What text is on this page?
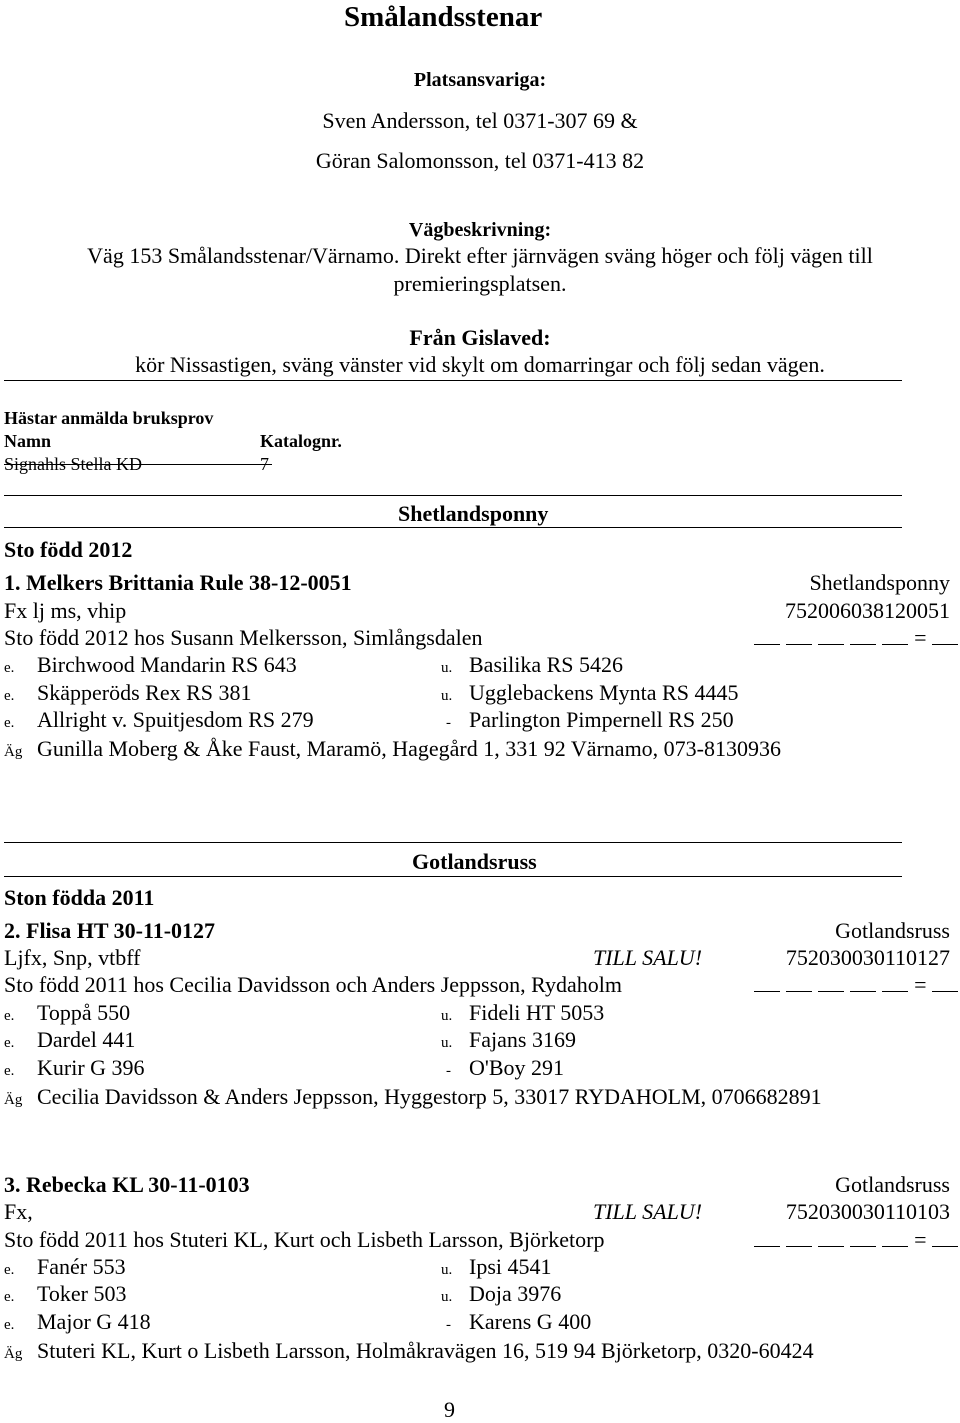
Smålandsstenar
Platsansvariga:
Sven Andersson, tel 0371-307 69 &
Göran Salomonsson, tel 0371-413 82
Vägbeskrivning:
Väg 153 Smålandsstenar/Värnamo. Direkt efter järnvägen sväng höger och följ vägen till
premieringsplatsen.
Från Gislaved:
kör Nissastigen, sväng vänster vid skylt om domarringar och följ sedan vägen.
Hästar anmälda bruksprov
Namn	Katalognr.
Signahls Stella KD	7
Shetlandsponny
Sto född 2012
1. Melkers Brittania Rule 38-12-0051	Shetlandsponny
Fx lj ms, vhip	752006038120051
Sto född 2012 hos Susann Melkersson, Simlångsdalen	=
e. Birchwood Mandarin RS 643	u. Basilika RS 5426
e. Skäpperöds Rex RS 381	u. Ugglebackens Mynta RS 4445
e. Allright v. Spuitjesdom RS 279	- Parlington Pimpernell RS 250
Äg Gunilla Moberg & Åke Faust, Maramö, Hagegård 1, 331 92 Värnamo, 073-8130936
Gotlandsruss
Ston födda 2011
2. Flisa HT 30-11-0127	Gotlandsruss
Ljfx, Snp, vtbff	TILL SALU!	752030030110127
Sto född 2011 hos Cecilia Davidsson och Anders Jeppsson, Rydaholm	=
e. Toppå 550	u. Fideli HT 5053
e. Dardel 441	u. Fajans 3169
e. Kurir G 396	- O'Boy 291
Äg Cecilia Davidsson & Anders Jeppsson, Hyggestorp 5, 33017 RYDAHOLM, 0706682891
3. Rebecka KL 30-11-0103	Gotlandsruss
Fx,	TILL SALU!	752030030110103
Sto född 2011 hos Stuteri KL, Kurt och Lisbeth Larsson, Björketorp	=
e. Fanér 553	u. Ipsi 4541
e. Toker 503	u. Doja 3976
e. Major G 418	- Karens G 400
Äg Stuteri KL, Kurt o Lisbeth Larsson, Holmåkravägen 16, 519 94 Björketorp, 0320-60424
9
